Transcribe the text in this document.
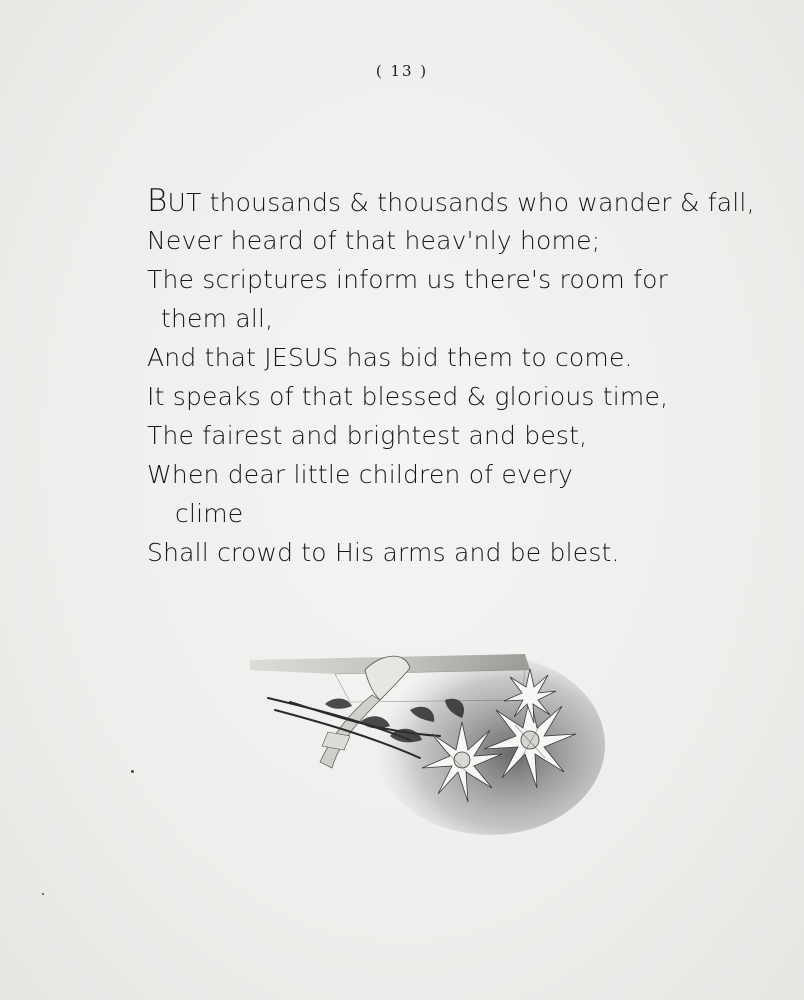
( 13 )
BUT thousands & thousands who wander & fall,
Never heard of that heav'nly home;
The scriptures inform us there's room for
them all,
And that JESUS has bid them to come.
It speaks of that blessed & glorious time,
The fairest and brightest and best,
When dear little children of every
clime
Shall crowd to His arms and be blest.
